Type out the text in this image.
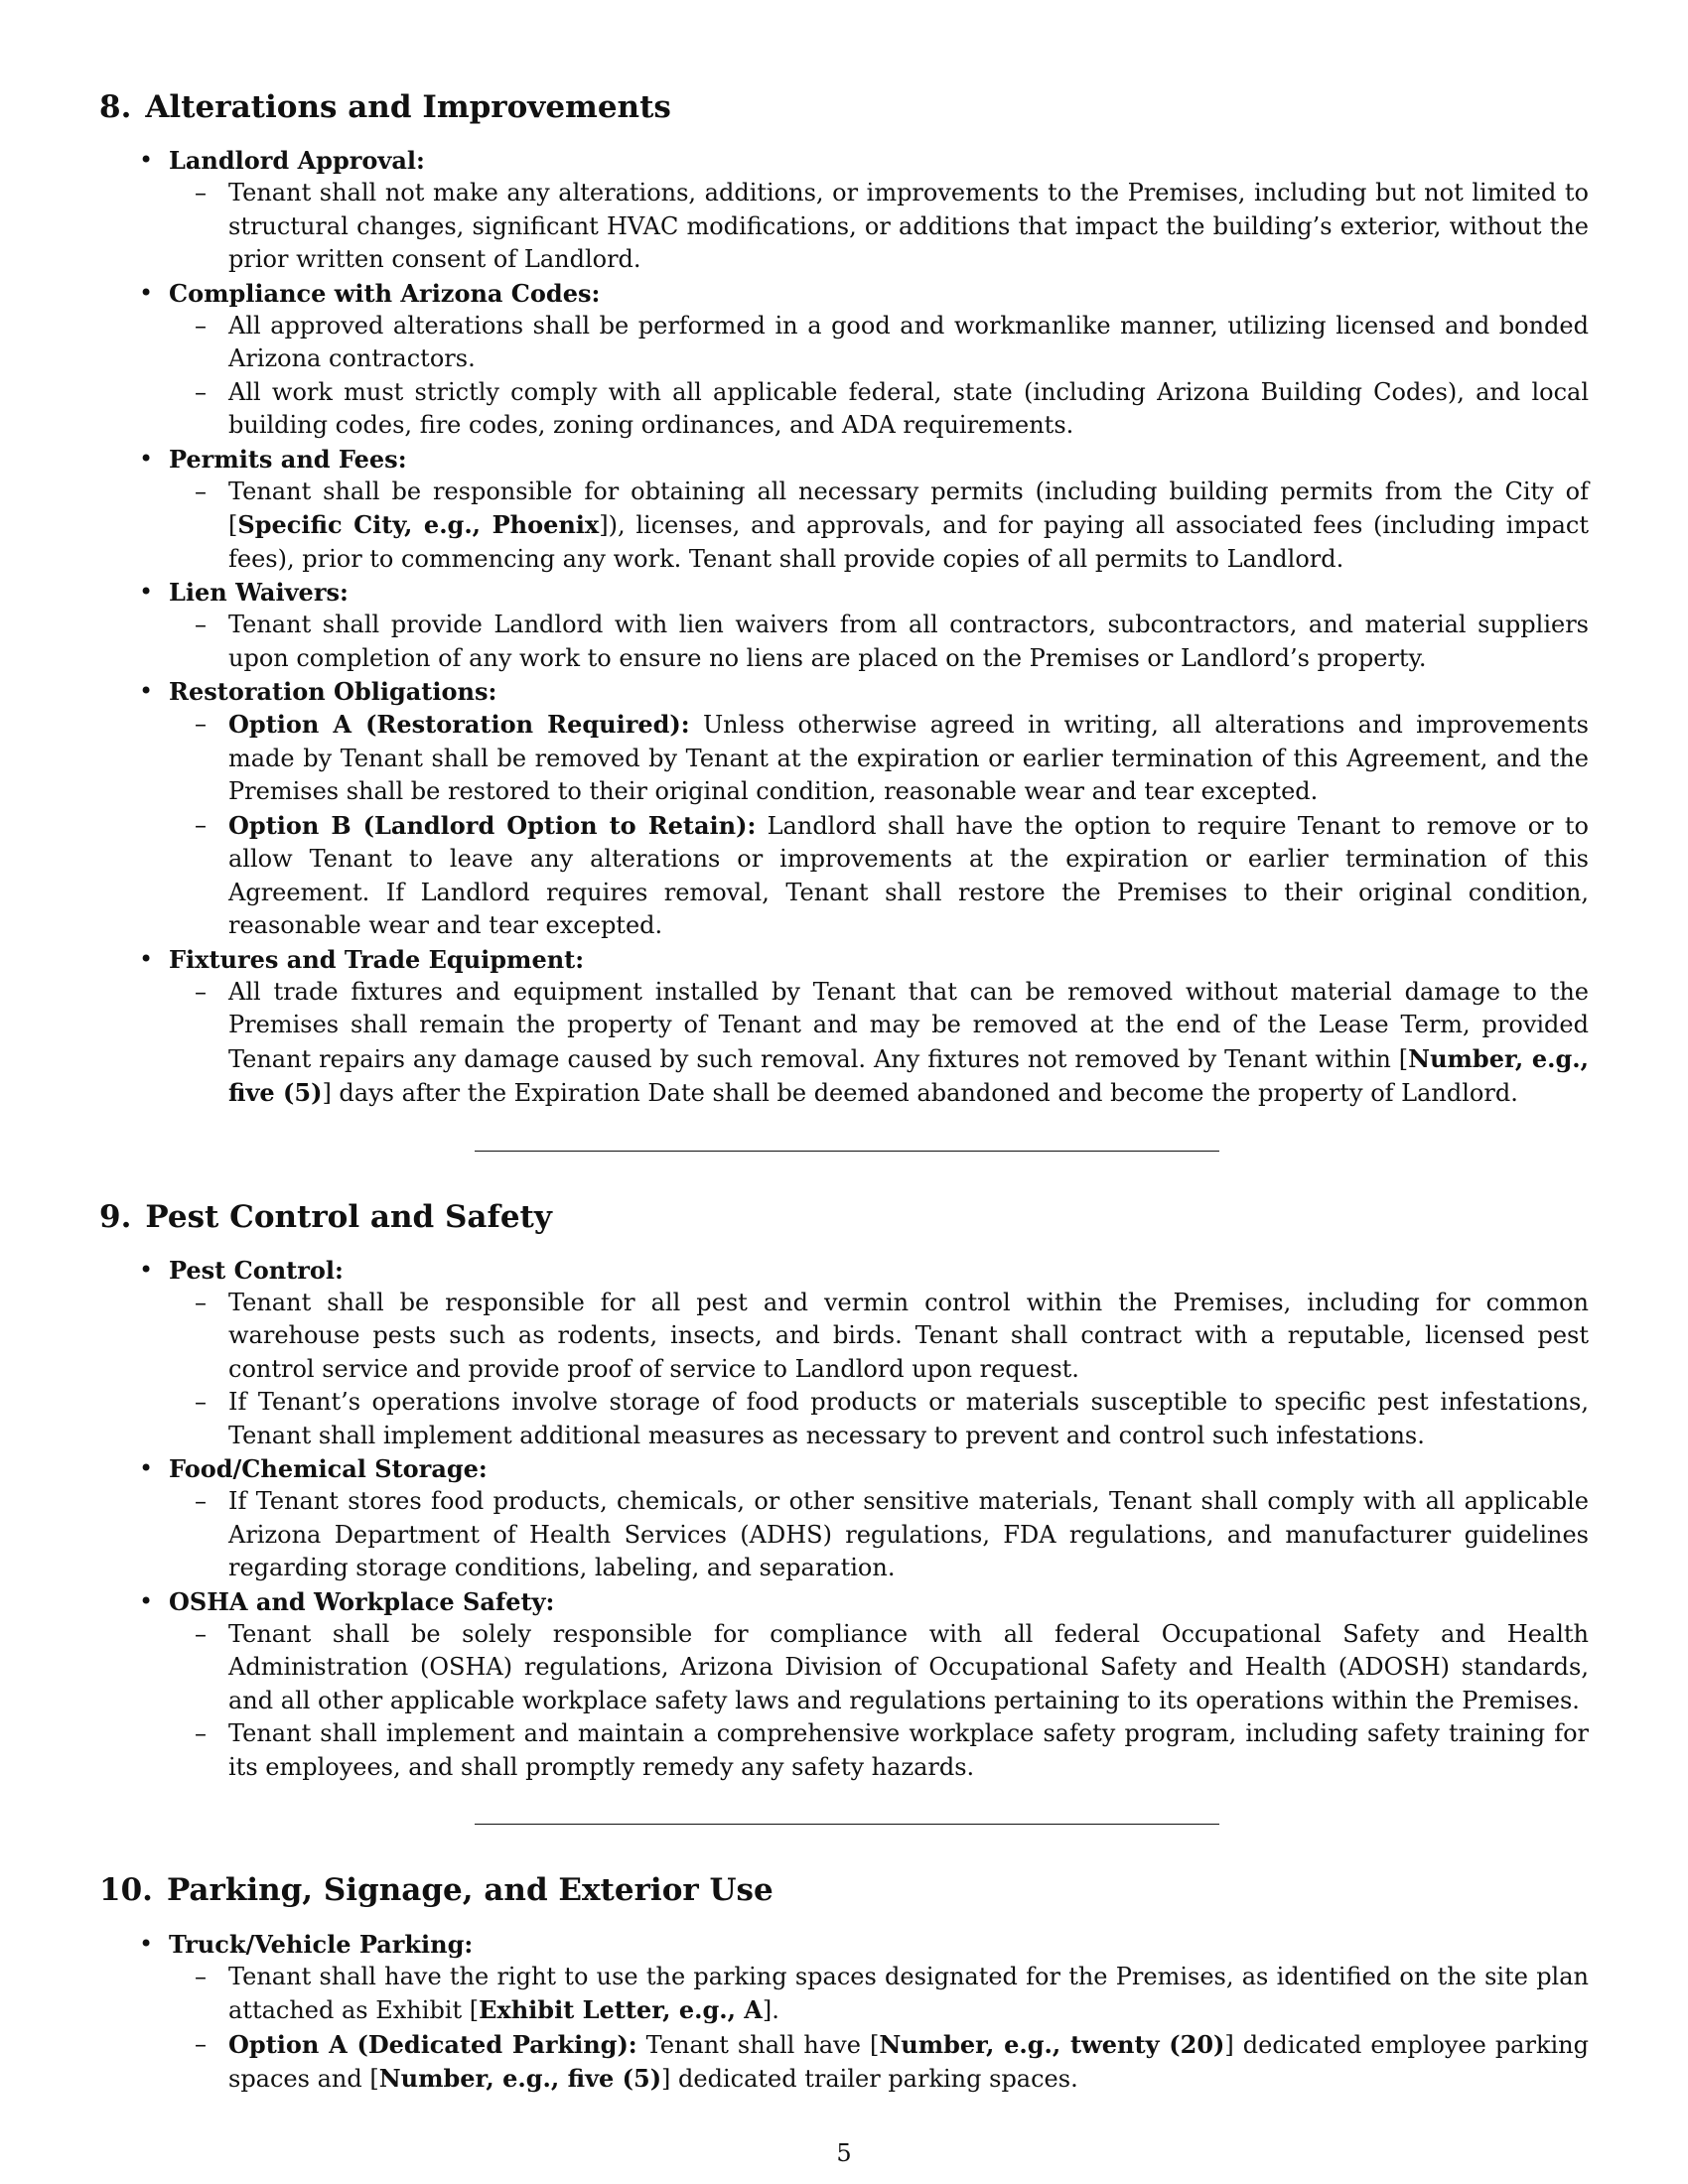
8. Alterations and Improvements
• Landlord Approval:
– Tenant shall not make any alterations, additions, or improvements to the Premises, including but not limited to structural changes, significant HVAC modifications, or additions that impact the building’s exterior, without the prior written consent of Landlord.
• Compliance with Arizona Codes:
– All approved alterations shall be performed in a good and workmanlike manner, utilizing licensed and bonded Arizona contractors.
– All work must strictly comply with all applicable federal, state (including Arizona Building Codes), and local building codes, fire codes, zoning ordinances, and ADA requirements.
• Permits and Fees:
– Tenant shall be responsible for obtaining all necessary permits (including building permits from the City of [Specific City, e.g., Phoenix]), licenses, and approvals, and for paying all associated fees (including impact fees), prior to commencing any work. Tenant shall provide copies of all permits to Landlord.
• Lien Waivers:
– Tenant shall provide Landlord with lien waivers from all contractors, subcontractors, and material suppliers upon completion of any work to ensure no liens are placed on the Premises or Landlord’s property.
• Restoration Obligations:
– Option A (Restoration Required): Unless otherwise agreed in writing, all alterations and improvements made by Tenant shall be removed by Tenant at the expiration or earlier termination of this Agreement, and the Premises shall be restored to their original condition, reasonable wear and tear excepted.
– Option B (Landlord Option to Retain): Landlord shall have the option to require Tenant to remove or to allow Tenant to leave any alterations or improvements at the expiration or earlier termination of this Agreement. If Landlord requires removal, Tenant shall restore the Premises to their original condition, reasonable wear and tear excepted.
• Fixtures and Trade Equipment:
– All trade fixtures and equipment installed by Tenant that can be removed without material damage to the Premises shall remain the property of Tenant and may be removed at the end of the Lease Term, provided Tenant repairs any damage caused by such removal. Any fixtures not removed by Tenant within [Number, e.g., five (5)] days after the Expiration Date shall be deemed abandoned and become the property of Landlord.
9. Pest Control and Safety
• Pest Control:
– Tenant shall be responsible for all pest and vermin control within the Premises, including for common warehouse pests such as rodents, insects, and birds. Tenant shall contract with a reputable, licensed pest control service and provide proof of service to Landlord upon request.
– If Tenant’s operations involve storage of food products or materials susceptible to specific pest infestations, Tenant shall implement additional measures as necessary to prevent and control such infestations.
• Food/Chemical Storage:
– If Tenant stores food products, chemicals, or other sensitive materials, Tenant shall comply with all applicable Arizona Department of Health Services (ADHS) regulations, FDA regulations, and manufacturer guidelines regarding storage conditions, labeling, and separation.
• OSHA and Workplace Safety:
– Tenant shall be solely responsible for compliance with all federal Occupational Safety and Health Administration (OSHA) regulations, Arizona Division of Occupational Safety and Health (ADOSH) standards, and all other applicable workplace safety laws and regulations pertaining to its operations within the Premises.
– Tenant shall implement and maintain a comprehensive workplace safety program, including safety training for its employees, and shall promptly remedy any safety hazards.
10. Parking, Signage, and Exterior Use
• Truck/Vehicle Parking:
– Tenant shall have the right to use the parking spaces designated for the Premises, as identified on the site plan attached as Exhibit [Exhibit Letter, e.g., A].
– Option A (Dedicated Parking): Tenant shall have [Number, e.g., twenty (20)] dedicated employee parking spaces and [Number, e.g., five (5)] dedicated trailer parking spaces.
5
